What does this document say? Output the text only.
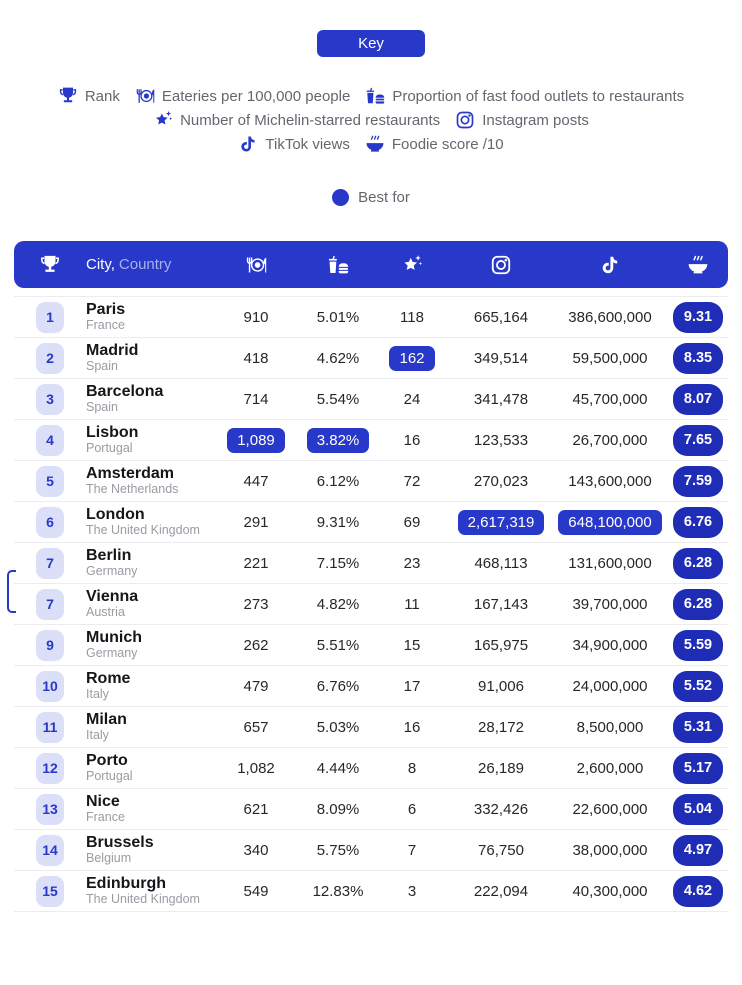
Key
Rank	Eateries per 100,000 people	Proportion of fast food outlets to restaurants
Number of Michelin-starred restaurants	Instagram posts
TikTok views	Foodie score /10
Best for
City, Country
1 Paris
France	910	5.01%	118	665,164	386,600,000	9.31
2 Madrid
Spain	418	4.62%	162	349,514	59,500,000	8.35
3 Barcelona
Spain	714	5.54%	24	341,478	45,700,000	8.07
4 Lisbon
Portugal	1,089	3.82%	16	123,533	26,700,000	7.65
5 Amsterdam
The Netherlands	447	6.12%	72	270,023	143,600,000	7.59
6 London
The United Kingdom	291	9.31%	69	2,617,319	648,100,000	6.76
7 Berlin
Germany	221	7.15%	23	468,113	131,600,000	6.28
7 Vienna
Austria	273	4.82%	11	167,143	39,700,000	6.28
9 Munich
Germany	262	5.51%	15	165,975	34,900,000	5.59
10 Rome
Italy	479	6.76%	17	91,006	24,000,000	5.52
11 Milan
Italy	657	5.03%	16	28,172	8,500,000	5.31
12 Porto
Portugal	1,082	4.44%	8	26,189	2,600,000	5.17
13 Nice
France	621	8.09%	6	332,426	22,600,000	5.04
14 Brussels
Belgium	340	5.75%	7	76,750	38,000,000	4.97
15 Edinburgh
The United Kingdom	549	12.83%	3	222,094	40,300,000	4.62
